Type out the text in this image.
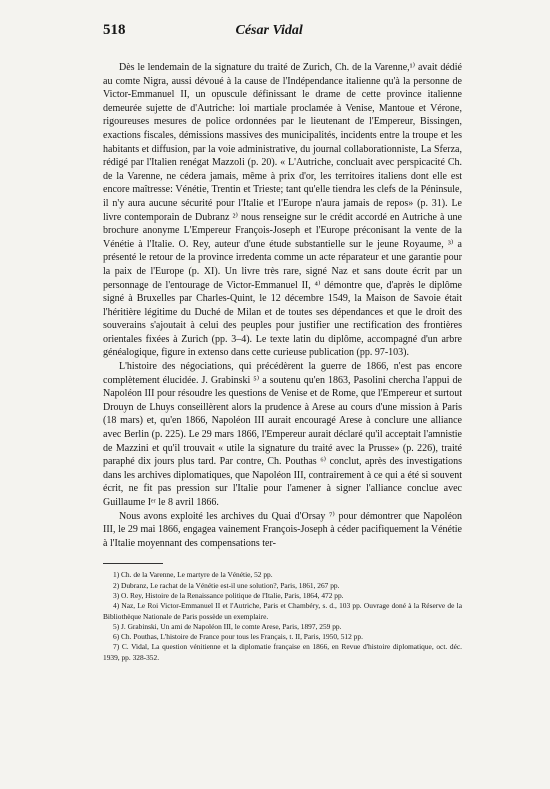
518	César Vidal

Dès le lendemain de la signature du traité de Zurich, Ch. de la Varenne,¹⁾ avait dédié au comte Nigra, aussi dévoué à la cause de l'Indépendance italienne qu'à la personne de Victor-Emmanuel II, un opuscule définissant le drame de cette province italienne demeurée sujette de d'Autriche: loi martiale proclamée à Venise, Mantoue et Vérone, rigoureuses mesures de police ordonnées par le lieutenant de l'Empereur, Bissingen, exactions fiscales, démissions massives des municipalités, incidents entre la troupe et les habitants et diffusion, par la voie administrative, du journal collaborationniste, La Sferza, rédigé par l'Italien renégat Mazzoli (p. 20). « L'Autriche, concluait avec perspicacité Ch. de la Varenne, ne cédera jamais, même à prix d'or, les territoires italiens dont elle est encore maîtresse: Vénétie, Trentin et Trieste; tant qu'elle tiendra les clefs de la Péninsule, il n'y aura aucune sécurité pour l'Italie et l'Europe n'aura jamais de repos» (p. 31). Le livre contemporain de Dubranz ²⁾ nous renseigne sur le crédit accordé en Autriche à une brochure anonyme L'Empereur François-Joseph et l'Europe préconisant la vente de la Vénétie à l'Italie. O. Rey, auteur d'une étude substantielle sur le jeune Royaume, ³⁾ a présenté le retour de la province irredenta comme un acte réparateur et une garantie pour la paix de l'Europe (p. XI). Un livre très rare, signé Naz et sans doute écrit par un personnage de l'entourage de Victor-Emmanuel II, ⁴⁾ démontre que, d'après le diplôme signé à Bruxelles par Charles-Quint, le 12 décembre 1549, la Maison de Savoie était l'héritière légitime du Duché de Milan et de toutes ses dépendances et que le droit des souverains s'ajoutait à celui des peuples pour justifier une rectification des frontières orientales fixées à Zurich (pp. 3–4). Le texte latin du diplôme, accompagné d'un arbre généalogique, figure in extenso dans cette curieuse publication (pp. 97-103).

L'histoire des négociations, qui précédèrent la guerre de 1866, n'est pas encore complètement élucidée. J. Grabinski ⁵⁾ a soutenu qu'en 1863, Pasolini chercha l'appui de Napoléon III pour résoudre les questions de Venise et de Rome, que l'Empereur et surtout Drouyn de Lhuys conseillèrent alors la prudence à Arese au cours d'une mission à Paris (18 mars) et, qu'en 1866, Napoléon III aurait encouragé Arese à conclure une alliance avec Berlin (p. 225). Le 29 mars 1866, l'Empereur aurait déclaré qu'il acceptait l'amnistie de Mazzini et qu'il trouvait « utile la signature du traité avec la Prusse» (p. 226), traité paraphé dix jours plus tard. Par contre, Ch. Pouthas ⁶⁾ conclut, après des investigations dans les archives diplomatiques, que Napoléon III, contrairement à ce qui a été si souvent écrit, ne fit pas pression sur l'Italie pour l'amener à signer l'alliance conclue avec Guillaume Iᵉʳ le 8 avril 1866.

Nous avons exploité les archives du Quai d'Orsay ⁷⁾ pour démontrer que Napoléon III, le 29 mai 1866, engagea vainement François-Joseph à céder pacifiquement la Vénétie à l'Italie moyennant des compensations ter-

1) Ch. de la Varenne, Le martyre de la Vénétie, 52 pp.

2) Dubranz, Le rachat de la Vénétie est-il une solution?, Paris, 1861, 267 pp.

3) O. Rey, Histoire de la Renaissance politique de l'Italie, Paris, 1864, 472 pp.

4) Naz, Le Roi Victor-Emmanuel II et l'Autriche, Paris et Chambéry, s. d., 103 pp. Ouvrage doné à la Réserve de la Bibliothèque Nationale de Paris possède un exemplaire.

5) J. Grabinski, Un ami de Napoléon III, le comte Arese, Paris, 1897, 259 pp.

6) Ch. Pouthas, L'histoire de France pour tous les Français, t. II, Paris, 1950, 512 pp.

7) C. Vidal, La question vénitienne et la diplomatie française en 1866, en Revue d'histoire diplomatique, oct. déc. 1939, pp. 328-352.
